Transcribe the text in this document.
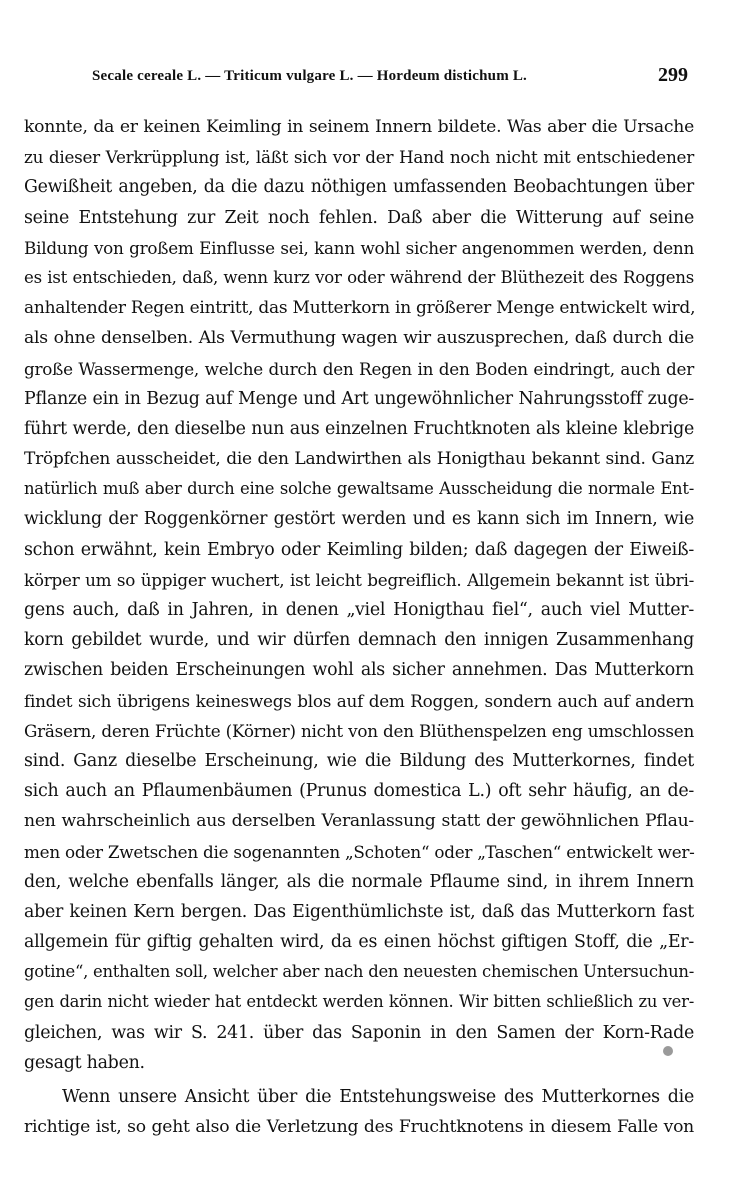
Secale cereale L. — Triticum vulgare L. — Hordeum distichum L.	299
konnte, da er keinen Keimling in seinem Innern bildete. Was aber die Ursache
zu dieser Verkrüpplung ist, läßt sich vor der Hand noch nicht mit entschiedener
Gewißheit angeben, da die dazu nöthigen umfassenden Beobachtungen über
seine Entstehung zur Zeit noch fehlen. Daß aber die Witterung auf seine
Bildung von großem Einflusse sei, kann wohl sicher angenommen werden, denn
es ist entschieden, daß, wenn kurz vor oder während der Blüthezeit des Roggens
anhaltender Regen eintritt, das Mutterkorn in größerer Menge entwickelt wird,
als ohne denselben. Als Vermuthung wagen wir auszusprechen, daß durch die
große Wassermenge, welche durch den Regen in den Boden eindringt, auch der
Pflanze ein in Bezug auf Menge und Art ungewöhnlicher Nahrungsstoff zuge-
führt werde, den dieselbe nun aus einzelnen Fruchtknoten als kleine klebrige
Tröpfchen ausscheidet, die den Landwirthen als Honigthau bekannt sind. Ganz
natürlich muß aber durch eine solche gewaltsame Ausscheidung die normale Ent-
wicklung der Roggenkörner gestört werden und es kann sich im Innern, wie
schon erwähnt, kein Embryo oder Keimling bilden; daß dagegen der Eiweiß-
körper um so üppiger wuchert, ist leicht begreiflich. Allgemein bekannt ist übri-
gens auch, daß in Jahren, in denen „viel Honigthau fiel“, auch viel Mutter-
korn gebildet wurde, und wir dürfen demnach den innigen Zusammenhang
zwischen beiden Erscheinungen wohl als sicher annehmen. Das Mutterkorn
findet sich übrigens keineswegs blos auf dem Roggen, sondern auch auf andern
Gräsern, deren Früchte (Körner) nicht von den Blüthenspelzen eng umschlossen
sind. Ganz dieselbe Erscheinung, wie die Bildung des Mutterkornes, findet
sich auch an Pflaumenbäumen (Prunus domestica L.) oft sehr häufig, an de-
nen wahrscheinlich aus derselben Veranlassung statt der gewöhnlichen Pflau-
men oder Zwetschen die sogenannten „Schoten“ oder „Taschen“ entwickelt wer-
den, welche ebenfalls länger, als die normale Pflaume sind, in ihrem Innern
aber keinen Kern bergen. Das Eigenthümlichste ist, daß das Mutterkorn fast
allgemein für giftig gehalten wird, da es einen höchst giftigen Stoff, die „Er-
gotine“, enthalten soll, welcher aber nach den neuesten chemischen Untersuchun-
gen darin nicht wieder hat entdeckt werden können. Wir bitten schließlich zu ver-
gleichen, was wir S. 241. über das Saponin in den Samen der Korn-Rade
gesagt haben.
Wenn unsere Ansicht über die Entstehungsweise des Mutterkornes die
richtige ist, so geht also die Verletzung des Fruchtknotens in diesem Falle von
